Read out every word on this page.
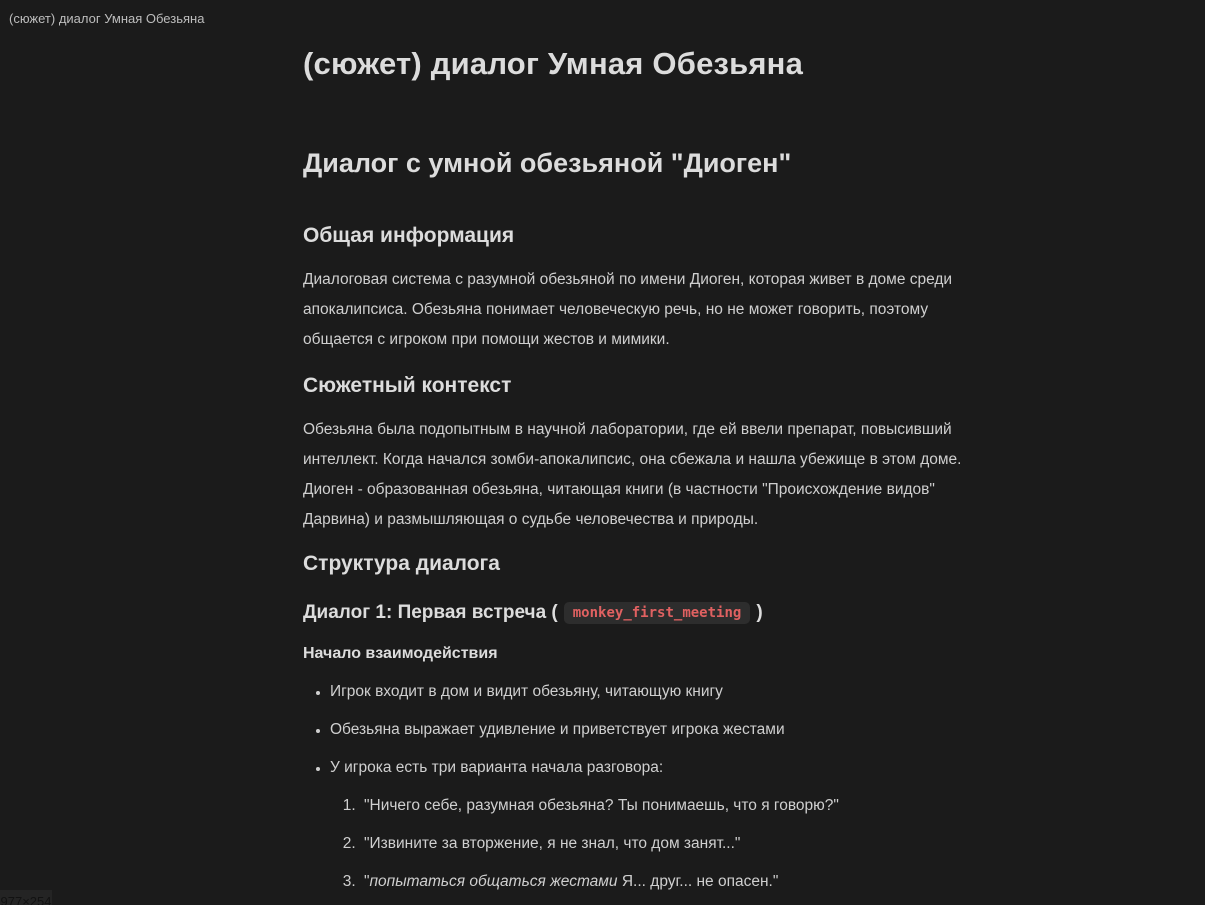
(сюжет) диалог Умная Обезьяна
(сюжет) диалог Умная Обезьяна
Диалог с умной обезьяной "Диоген"
Общая информация

Диалоговая система с разумной обезьяной по имени Диоген, которая живет в доме среди апокалипсиса. Обезьяна понимает человеческую речь, но не может говорить, поэтому общается с игроком при помощи жестов и мимики.

Сюжетный контекст

Обезьяна была подопытным в научной лаборатории, где ей ввели препарат, повысивший интеллект. Когда начался зомби-апокалипсис, она сбежала и нашла убежище в этом доме. Диоген - образованная обезьяна, читающая книги (в частности "Происхождение видов" Дарвина) и размышляющая о судьбе человечества и природы.

Структура диалога
Диалог 1: Первая встреча (	monkey_first_meeting )
Начало взаимодействия
• Игрок входит в дом и видит обезьяну, читающую книгу
• Обезьяна выражает удивление и приветствует игрока жестами
• У игрока есть три варианта начала разговора:
1. "Ничего себе, разумная обезьяна? Ты понимаешь, что я говорю?"
2. "Извините за вторжение, я не знал, что дом занят..."
3. "попытаться общаться жестами Я... друг... не опасен."
977×254
